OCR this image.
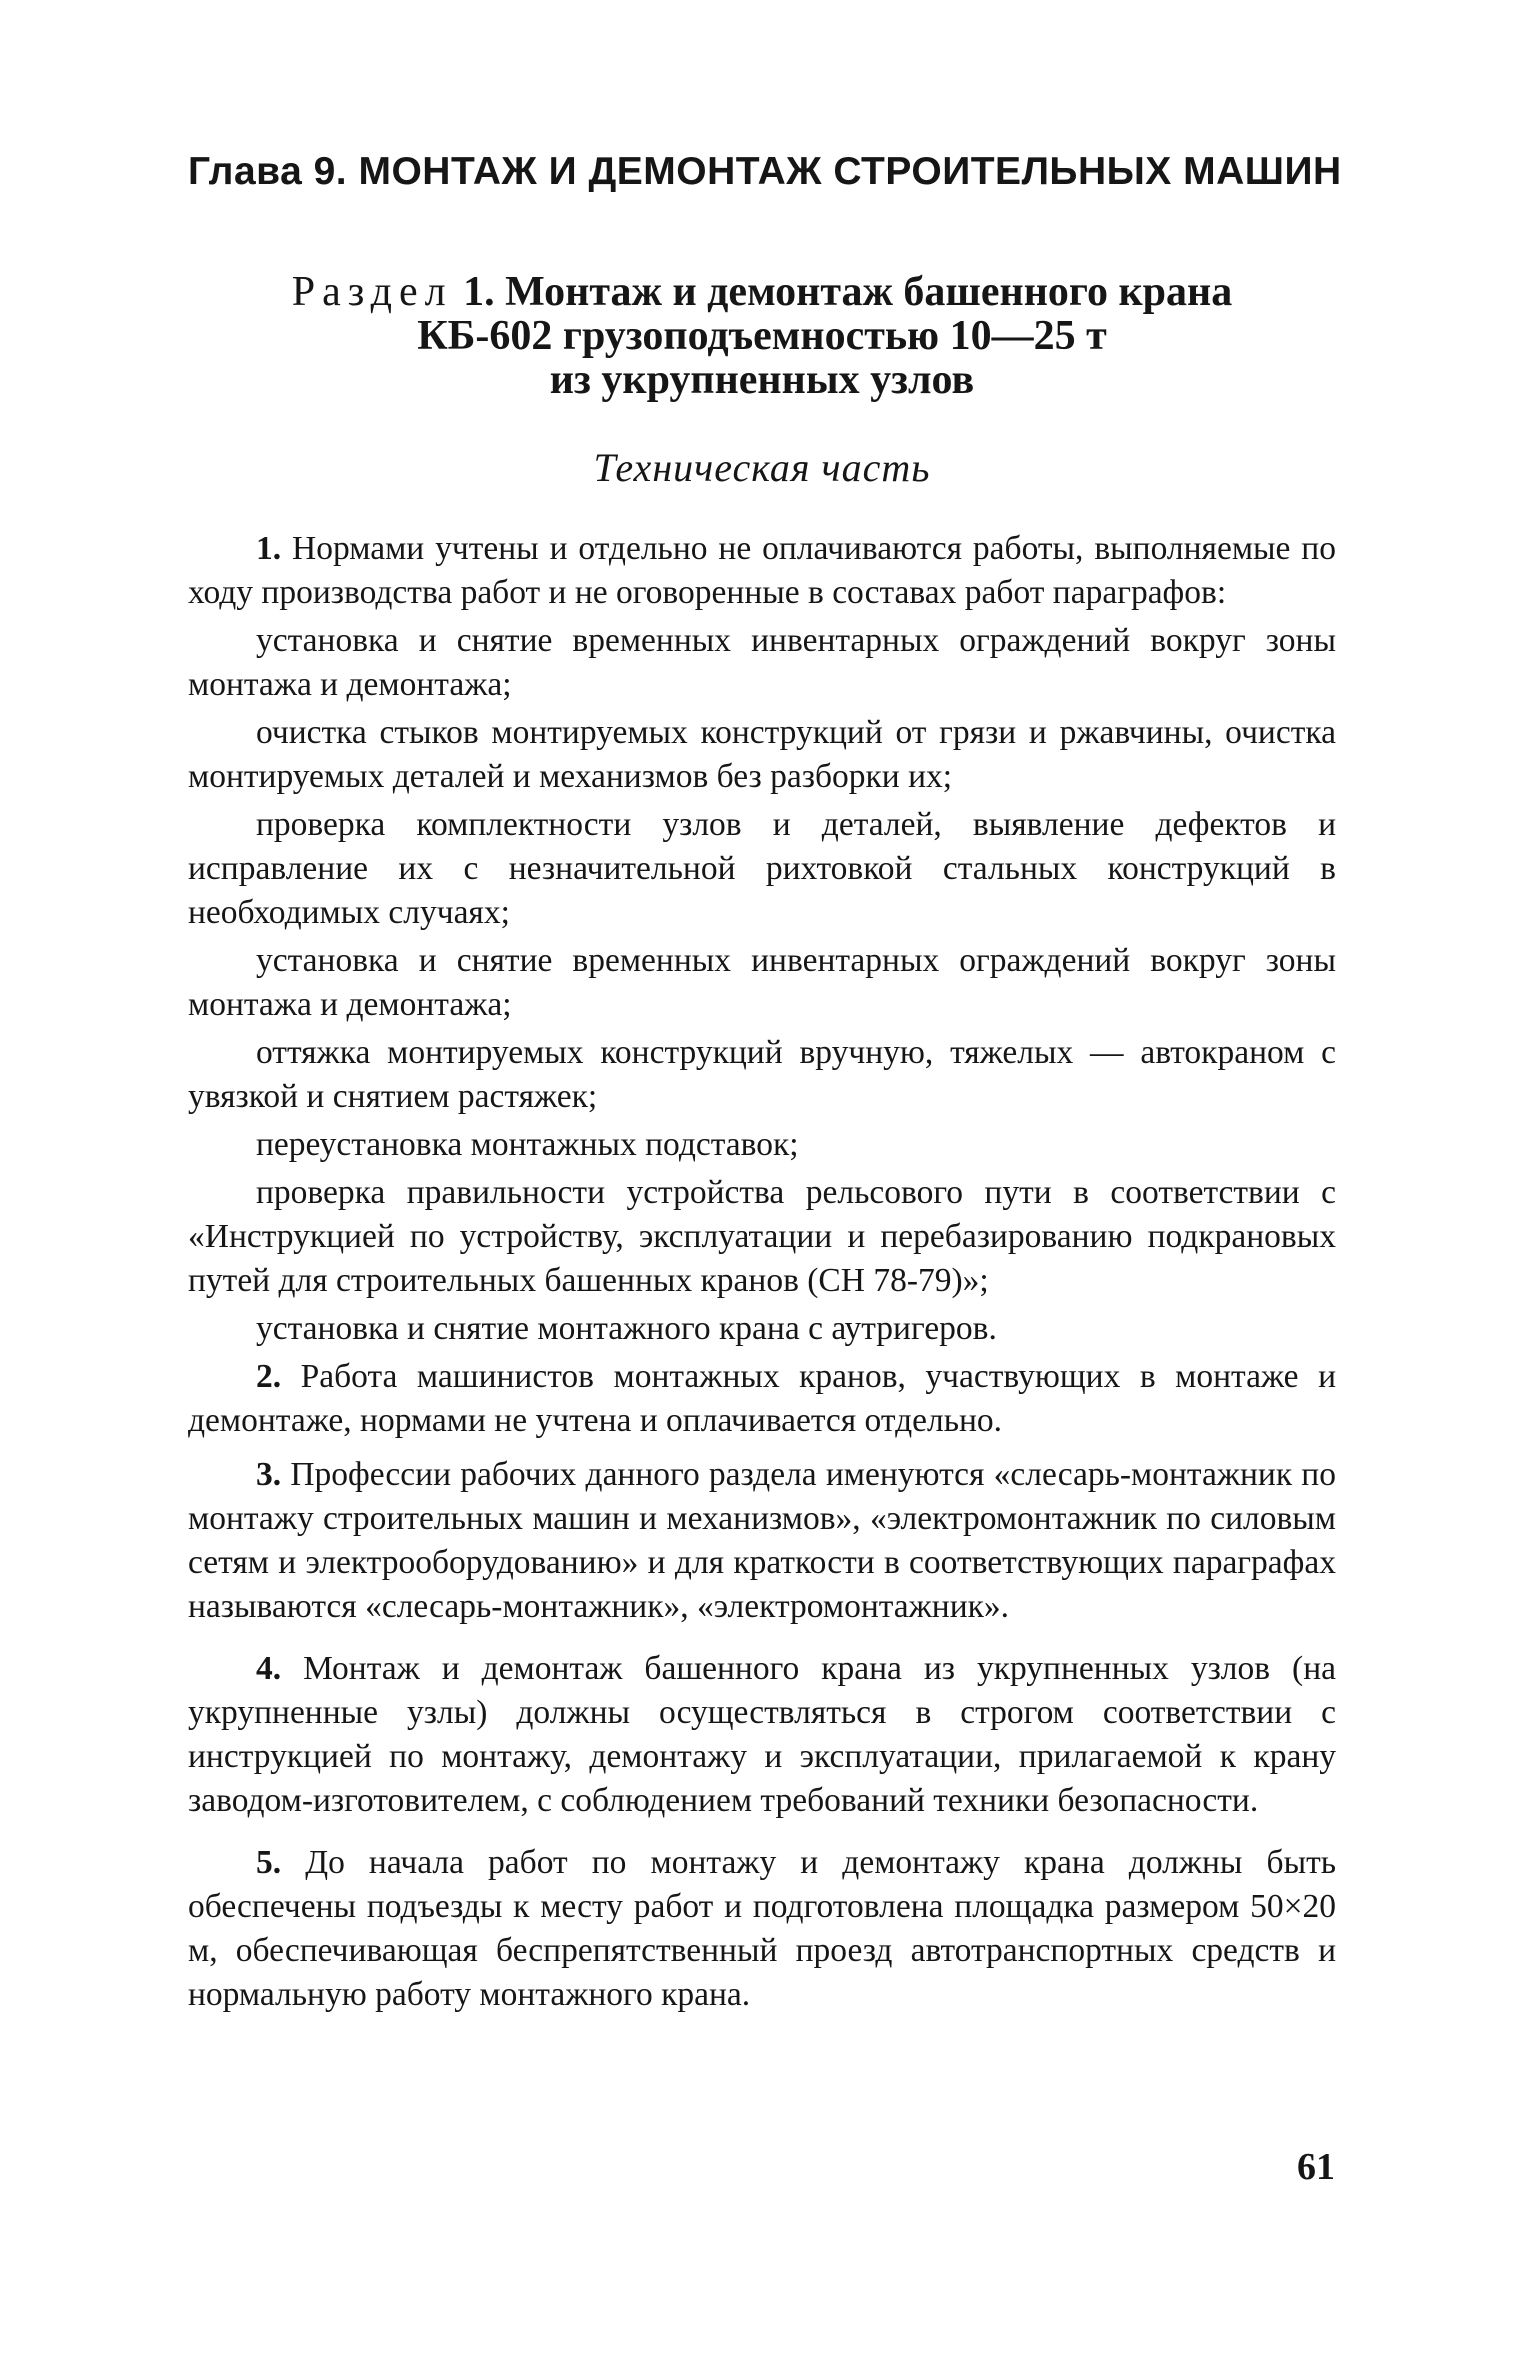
Глава 9. МОНТАЖ И ДЕМОНТАЖ СТРОИТЕЛЬНЫХ МАШИН
Раздел 1. Монтаж и демонтаж башенного крана
КБ-602 грузоподъемностью 10—25 т
из укрупненных узлов
Техническая часть

1. Нормами учтены и отдельно не оплачиваются работы, выполняемые по ходу производства работ и не оговоренные в составах работ параграфов:

установка и снятие временных инвентарных ограждений вокруг зоны монтажа и демонтажа;

очистка стыков монтируемых конструкций от грязи и ржавчины, очистка монтируемых деталей и механизмов без разборки их;

проверка комплектности узлов и деталей, выявление дефектов и исправление их с незначительной рихтовкой стальных конструкций в необходимых случаях;

установка и снятие временных инвентарных ограждений вокруг зоны монтажа и демонтажа;

оттяжка монтируемых конструкций вручную, тяжелых — автокраном с увязкой и снятием растяжек;

переустановка монтажных подставок;

проверка правильности устройства рельсового пути в соответствии с «Инструкцией по устройству, эксплуатации и перебазированию подкрановых путей для строительных башенных кранов (СН 78-79)»;

установка и снятие монтажного крана с аутригеров.

2. Работа машинистов монтажных кранов, участвующих в монтаже и демонтаже, нормами не учтена и оплачивается отдельно.

3. Профессии рабочих данного раздела именуются «слесарь-монтажник по монтажу строительных машин и механизмов», «электромонтажник по силовым сетям и электрооборудованию» и для краткости в соответствующих параграфах называются «слесарь-монтажник», «электромонтажник».

4. Монтаж и демонтаж башенного крана из укрупненных узлов (на укрупненные узлы) должны осуществляться в строгом соответствии с инструкцией по монтажу, демонтажу и эксплуатации, прилагаемой к крану заводом-изготовителем, с соблюдением требований техники безопасности.

5. До начала работ по монтажу и демонтажу крана должны быть обеспечены подъезды к месту работ и подготовлена площадка размером 50×20 м, обеспечивающая беспрепятственный проезд автотранспортных средств и нормальную работу монтажного крана.

61
